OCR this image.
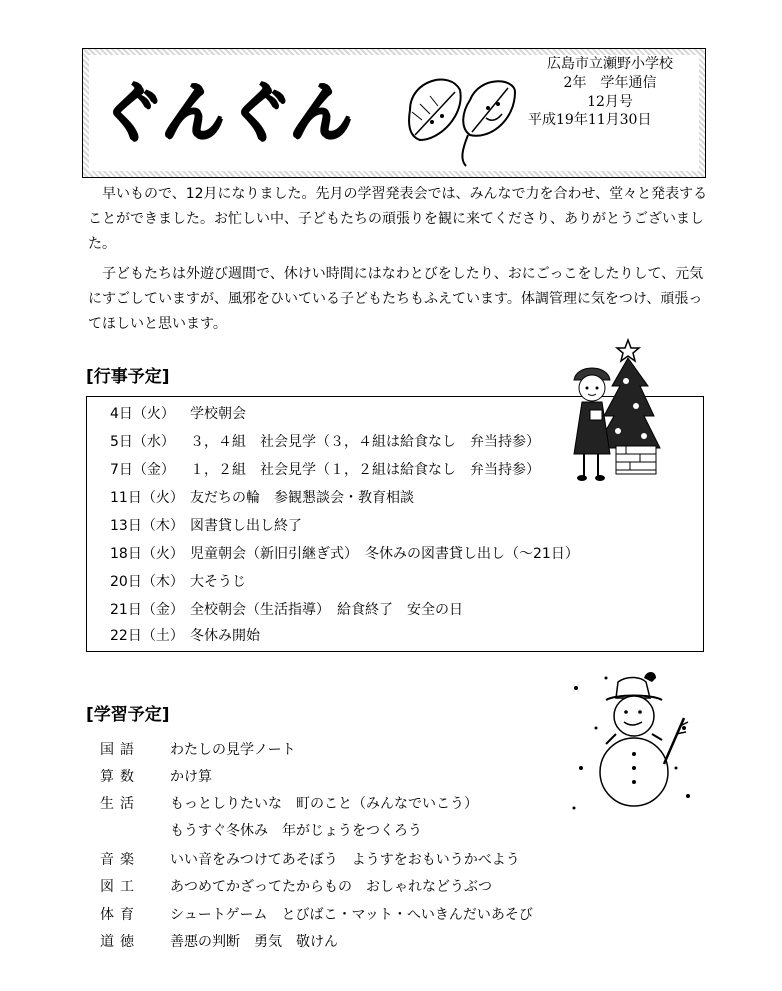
ぐんぐん
広島市立瀬野小学校
2年　学年通信
12月号
平成19年11月30日
　早いもので、12月になりました。先月の学習発表会では、みんなで力を合わせ、堂々と発表することができました。お忙しい中、子どもたちの頑張りを観に来てくださり、ありがとうございました。
　子どもたちは外遊び週間で、休けい時間にはなわとびをしたり、おにごっこをしたりして、元気にすごしていますが、風邪をひいている子どもたちもふえています。体調管理に気をつけ、頑張ってほしいと思います。
[行事予定]
4日（火） 学校朝会
5日（水） ３，４組　社会見学（３，４組は給食なし　弁当持参）
7日（金） １，２組　社会見学（１，２組は給食なし　弁当持参）
11日（火） 友だちの輪　参観懇談会・教育相談
13日（木） 図書貸し出し終了
18日（火） 児童朝会（新旧引継ぎ式）　冬休みの図書貸し出し（～21日）
20日（木） 大そうじ
21日（金） 全校朝会（生活指導）　給食終了　安全の日
22日（土） 冬休み開始
[学習予定]
国語 わたしの見学ノート
算数 かけ算
生活 もっとしりたいな　町のこと（みんなでいこう）
もうすぐ冬休み　年がじょうをつくろう
音楽 いい音をみつけてあそぼう　ようすをおもいうかべよう
図工 あつめてかざってたからもの　おしゃれなどうぶつ
体育 シュートゲーム　とびばこ・マット・へいきんだいあそび
道徳 善悪の判断　勇気　敬けん
